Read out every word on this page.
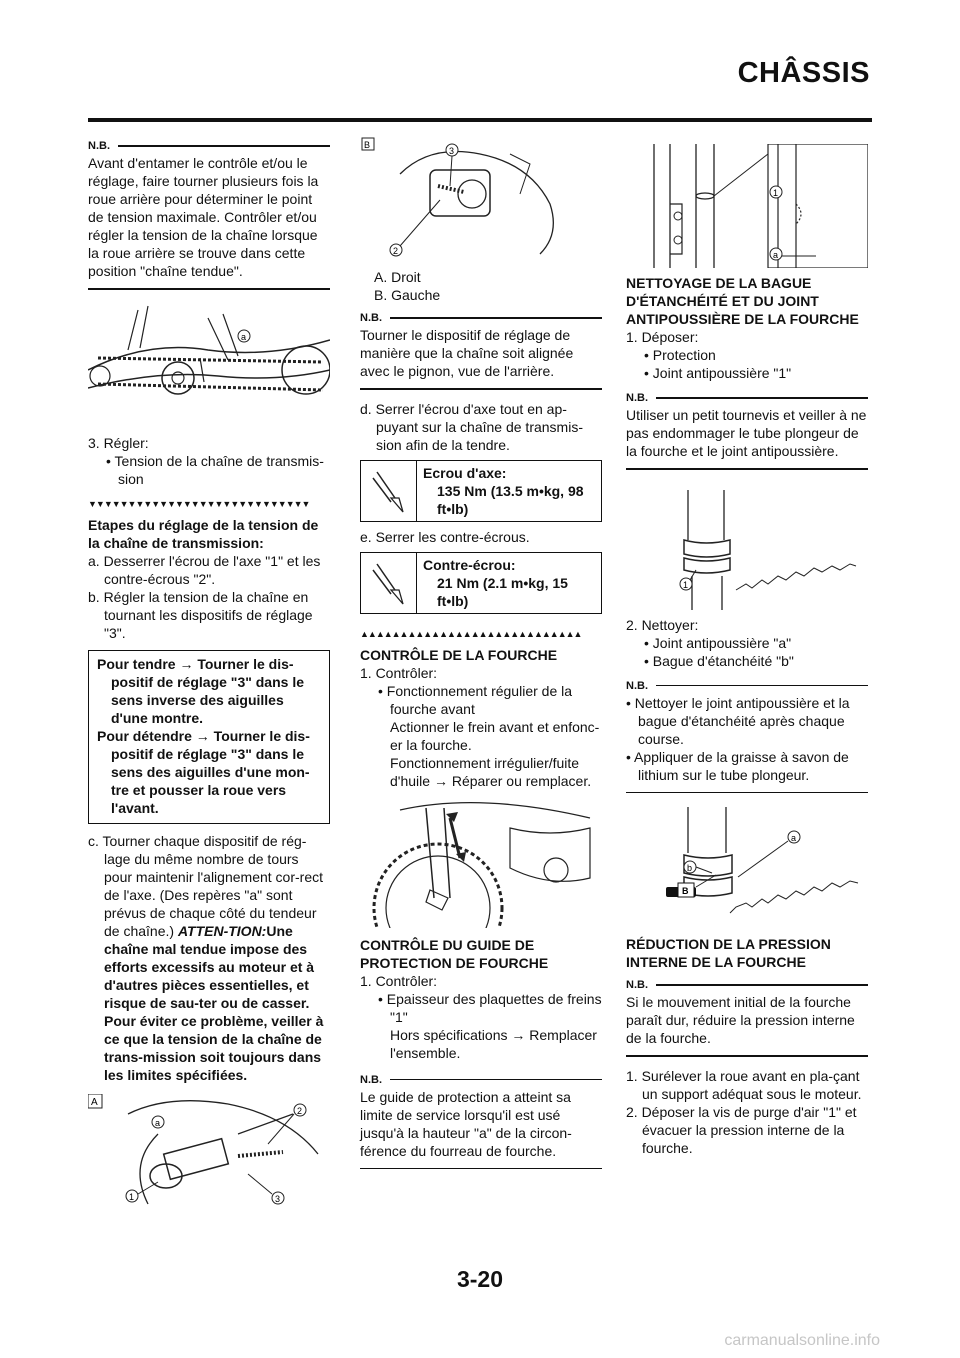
CHÂSSIS
N.B.

Avant d'entamer le contrôle et/ou le réglage, faire tourner plusieurs fois la roue arrière pour déterminer le point de tension maximale. Contrôler et/ou régler la tension de la chaîne lorsque la roue arrière se trouve dans cette position "chaîne tendue".

a

3. Régler:

• Tension de la chaîne de transmis-sion

▼▼▼▼▼▼▼▼▼▼▼▼▼▼▼▼▼▼▼▼▼▼▼▼▼▼▼▼

Etapes du réglage de la tension de la chaîne de transmission:

a. Desserrer l'écrou de l'axe "1" et les contre-écrous "2".

b. Régler la tension de la chaîne en tournant les dispositifs de réglage "3".

Pour tendre → Tourner le dis-positif de réglage "3" dans le sens inverse des aiguilles d'une montre.

Pour détendre → Tourner le dis-positif de réglage "3" dans le sens des aiguilles d'une mon-tre et pousser la roue vers l'avant.

c. Tourner chaque dispositif de rég-lage du même nombre de tours pour maintenir l'alignement cor-rect de l'axe. (Des repères "a" sont prévus de chaque côté du tendeur de chaîne.) ATTEN-TION:Une chaîne mal tendue impose des efforts excessifs au moteur et à d'autres pièces essentielles, et risque de sau-ter ou de casser. Pour éviter ce problème, veiller à ce que la tension de la chaîne de trans-mission soit toujours dans les limites spécifiées.

A
a
2
1	3
B
3
2

A. Droit

B. Gauche

N.B.

Tourner le dispositif de réglage de manière que la chaîne soit alignée avec le pignon, vue de l'arrière.

d. Serrer l'écrou d'axe tout en ap-puyant sur la chaîne de transmis-sion afin de la tendre.

Ecrou d'axe:

135 Nm (13.5 m•kg, 98 ft•lb)

e. Serrer les contre-écrous.

Contre-écrou:

21 Nm (2.1 m•kg, 15 ft•lb)

▲▲▲▲▲▲▲▲▲▲▲▲▲▲▲▲▲▲▲▲▲▲▲▲▲▲▲▲

CONTRÔLE DE LA FOURCHE

1. Contrôler:

• Fonctionnement régulier de la fourche avant

Actionner le frein avant et enfonc-er la fourche.

Fonctionnement irrégulier/fuite d'huile → Réparer ou remplacer.

CONTRÔLE DU GUIDE DE PROTECTION DE FOURCHE

1. Contrôler:

• Epaisseur des plaquettes de freins "1"

Hors spécifications → Remplacer l'ensemble.

N.B.

Le guide de protection a atteint sa limite de service lorsqu'il est usé jusqu'à la hauteur "a" de la circon-férence du fourreau de fourche.

1
a

NETTOYAGE DE LA BAGUE D'ÉTANCHÉITÉ ET DU JOINT ANTIPOUSSIÈRE DE LA FOURCHE

1. Déposer:

• Protection

• Joint antipoussière "1"

N.B.

Utiliser un petit tournevis et veiller à ne pas endommager le tube plongeur de la fourche et le joint antipoussière.

1

2. Nettoyer:

• Joint antipoussière "a"

• Bague d'étanchéité "b"

N.B.

• Nettoyer le joint antipoussière et la bague d'étanchéité après chaque course.

• Appliquer de la graisse à savon de lithium sur le tube plongeur.

a
b
B

RÉDUCTION DE LA PRESSION INTERNE DE LA FOURCHE

N.B.

Si le mouvement initial de la fourche paraît dur, réduire la pression interne de la fourche.

1. Surélever la roue avant en pla-çant un support adéquat sous le moteur.

2. Déposer la vis de purge d'air "1" et évacuer la pression interne de la fourche.

3-20
carmanualsonline.info
